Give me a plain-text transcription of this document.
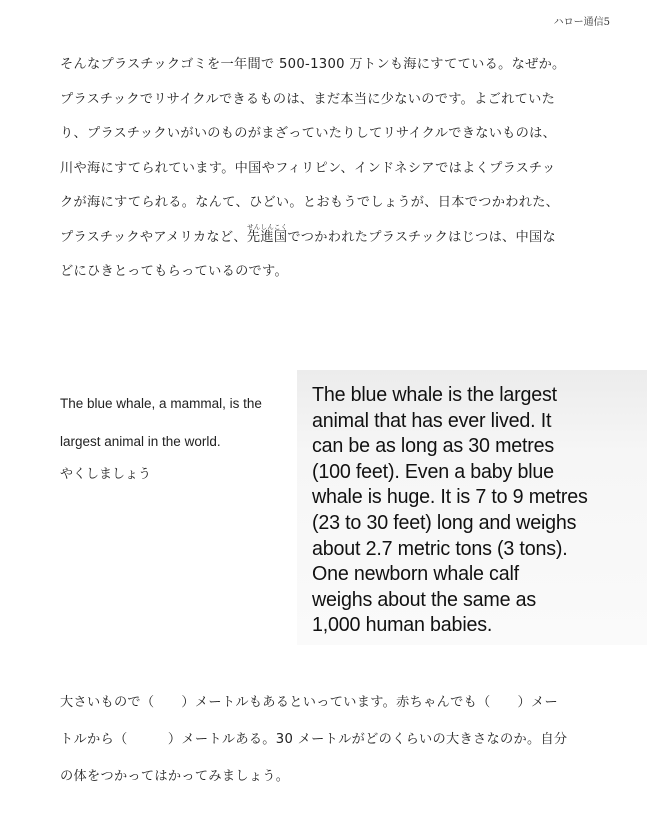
ハロー通信5
そんなプラスチックゴミを一年間で 500-1300 万トンも海にすてている。なぜか。
プラスチックでリサイクルできるものは、まだ本当に少ないのです。よごれていた
り、プラスチックいがいのものがまざっていたりしてリサイクルできないものは、
川や海にすてられています。中国やフィリピン、インドネシアではよくプラスチッ
クが海にすてられる。なんて、ひどい。とおもうでしょうが、日本でつかわれた、
プラスチックやアメリカなど、先進国せんしんこくでつかわれたプラスチックはじつは、中国な
どにひきとってもらっているのです。
The blue whale, a mammal, is the
largest animal in the world.
やくしましょう
The blue whale is the largest
animal that has ever lived. It
can be as long as 30 metres
(100 feet). Even a baby blue
whale is huge. It is 7 to 9 metres
(23 to 30 feet) long and weighs
about 2.7 metric tons (3 tons).
One newborn whale calf
weighs about the same as
1,000 human babies.
大さいもので（　　）メートルもあるといっています。赤ちゃんでも（　　）メー
トルから（　　　）メートルある。30 メートルがどのくらいの大きさなのか。自分
の体をつかってはかってみましょう。
